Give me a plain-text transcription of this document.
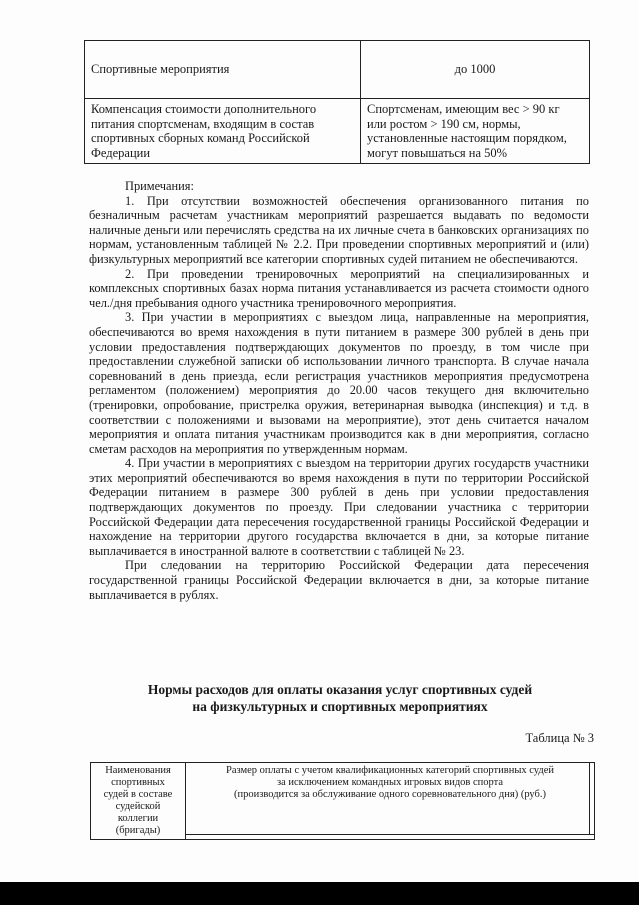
Спортивные мероприятия	до 1000
Компенсация стоимости дополнительного
питания спортсменам, входящим в состав
спортивных сборных команд Российской
Федерации
Спортсменам, имеющим вес > 90 кг
или ростом > 190 см, нормы,
установленные настоящим порядком,
могут повышаться на 50%

Примечания:

1. При отсутствии возможностей обеспечения организованного питания по безналичным расчетам участникам мероприятий разрешается выдавать по ведомости наличные деньги или перечислять средства на их личные счета в банковских организациях по нормам, установленным таблицей № 2.2. При проведении спортивных мероприятий и (или) физкультурных мероприятий все категории спортивных судей питанием не обеспечиваются.

2. При проведении тренировочных мероприятий на специализированных и комплексных спортивных базах норма питания устанавливается из расчета стоимости одного чел./дня пребывания одного участника тренировочного мероприятия.

3. При участии в мероприятиях с выездом лица, направленные на мероприятия, обеспечиваются во время нахождения в пути питанием в размере 300 рублей в день при условии предоставления подтверждающих документов по проезду, в том числе при предоставлении служебной записки об использовании личного транспорта. В случае начала соревнований в день приезда, если регистрация участников мероприятия предусмотрена регламентом (положением) мероприятия до 20.00 часов текущего дня включительно (тренировки, опробование, пристрелка оружия, ветеринарная выводка (инспекция) и т.д. в соответствии с положениями и вызовами на мероприятие), этот день считается началом мероприятия и оплата питания участникам производится как в дни мероприятия, согласно сметам расходов на мероприятия по утвержденным нормам.

4. При участии в мероприятиях с выездом на территории других государств участники этих мероприятий обеспечиваются во время нахождения в пути по территории Российской Федерации питанием в размере 300 рублей в день при условии предоставления подтверждающих документов по проезду. При следовании участника с территории Российской Федерации дата пересечения государственной границы Российской Федерации и нахождение на территории другого государства включается в дни, за которые питание выплачивается в иностранной валюте в соответствии с таблицей № 23.

При следовании на территорию Российской Федерации дата пересечения государственной границы Российской Федерации включается в дни, за которые питание выплачивается в рублях.

Нормы расходов для оплаты оказания услуг спортивных судей
на физкультурных и спортивных мероприятиях
Таблица № 3
Наименования
спортивных
судей в составе
судейской
коллегии
(бригады)
Размер оплаты с учетом квалификационных категорий спортивных судей
за исключением командных игровых видов спорта
(производится за обслуживание одного соревновательного дня) (руб.)
